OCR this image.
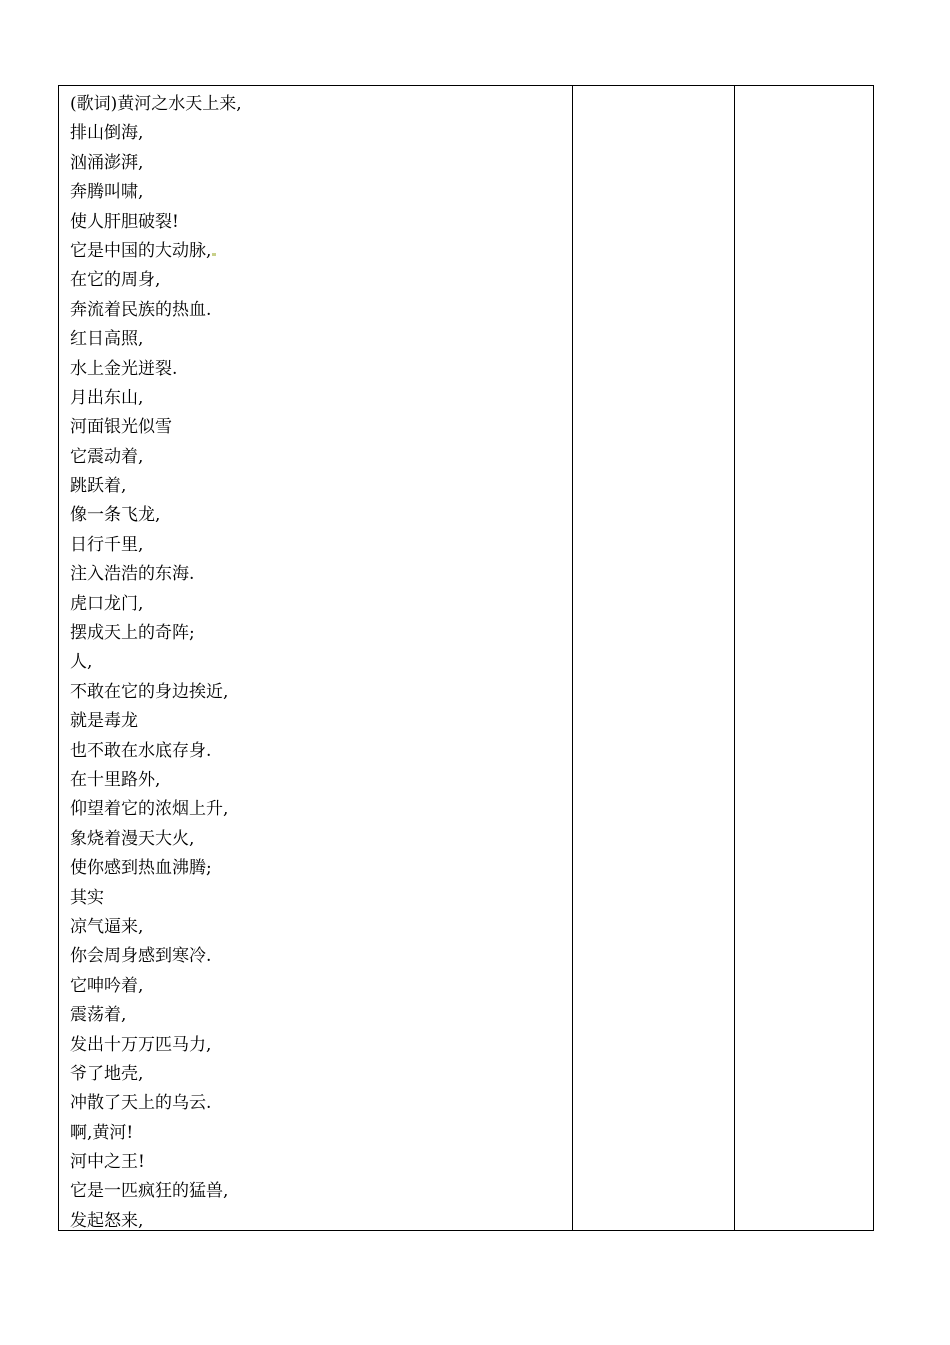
(歌词)黄河之水天上来,
排山倒海,
汹涌澎湃,
奔腾叫啸,
使人肝胆破裂!
它是中国的大动脉,
在它的周身,
奔流着民族的热血.
红日高照,
水上金光迸裂.
月出东山,
河面银光似雪
它震动着,
跳跃着,
像一条飞龙,
日行千里,
注入浩浩的东海.
虎口龙门,
摆成天上的奇阵;
人,
不敢在它的身边挨近,
就是毒龙
也不敢在水底存身.
在十里路外,
仰望着它的浓烟上升,
象烧着漫天大火,
使你感到热血沸腾;
其实
凉气逼来,
你会周身感到寒冷.
它呻吟着,
震荡着,
发出十万万匹马力,
爷了地壳,
冲散了天上的乌云.
啊,黄河!
河中之王!
它是一匹疯狂的猛兽,
发起怒来,
